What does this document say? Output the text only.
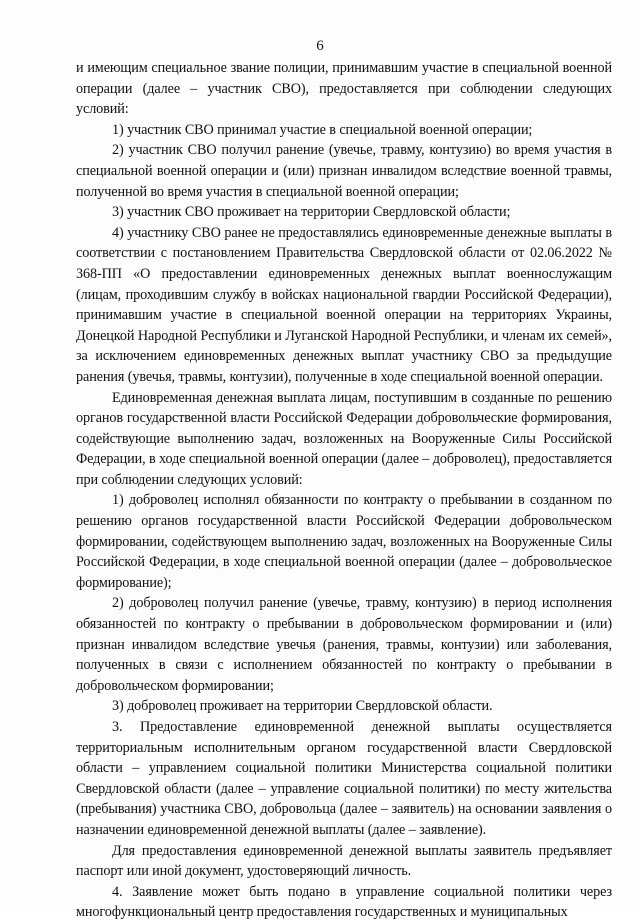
6

и имеющим специальное звание полиции, принимавшим участие в специальной военной операции (далее – участник СВО), предоставляется при соблюдении следующих условий:

1) участник СВО принимал участие в специальной военной операции;

2) участник СВО получил ранение (увечье, травму, контузию) во время участия в специальной военной операции и (или) признан инвалидом вследствие военной травмы, полученной во время участия в специальной военной операции;

3) участник СВО проживает на территории Свердловской области;

4) участнику СВО ранее не предоставлялись единовременные денежные выплаты в соответствии с постановлением Правительства Свердловской области от 02.06.2022 № 368-ПП «О предоставлении единовременных денежных выплат военнослужащим (лицам, проходившим службу в войсках национальной гвардии Российской Федерации), принимавшим участие в специальной военной операции на территориях Украины, Донецкой Народной Республики и Луганской Народной Республики, и членам их семей», за исключением единовременных денежных выплат участнику СВО за предыдущие ранения (увечья, травмы, контузии), полученные в ходе специальной военной операции.

Единовременная денежная выплата лицам, поступившим в созданные по решению органов государственной власти Российской Федерации добровольческие формирования, содействующие выполнению задач, возложенных на Вооруженные Силы Российской Федерации, в ходе специальной военной операции (далее – доброволец), предоставляется при соблюдении следующих условий:

1) доброволец исполнял обязанности по контракту о пребывании в созданном по решению органов государственной власти Российской Федерации добровольческом формировании, содействующем выполнению задач, возложенных на Вооруженные Силы Российской Федерации, в ходе специальной военной операции (далее – добровольческое формирование);

2) доброволец получил ранение (увечье, травму, контузию) в период исполнения обязанностей по контракту о пребывании в добровольческом формировании и (или) признан инвалидом вследствие увечья (ранения, травмы, контузии) или заболевания, полученных в связи с исполнением обязанностей по контракту о пребывании в добровольческом формировании;

3) доброволец проживает на территории Свердловской области.

3. Предоставление единовременной денежной выплаты осуществляется территориальным исполнительным органом государственной власти Свердловской области – управлением социальной политики Министерства социальной политики Свердловской области (далее – управление социальной политики) по месту жительства (пребывания) участника СВО, добровольца (далее – заявитель) на основании заявления о назначении единовременной денежной выплаты (далее – заявление).

Для предоставления единовременной денежной выплаты заявитель предъявляет паспорт или иной документ, удостоверяющий личность.

4. Заявление может быть подано в управление социальной политики через многофункциональный центр предоставления государственных и муниципальных
